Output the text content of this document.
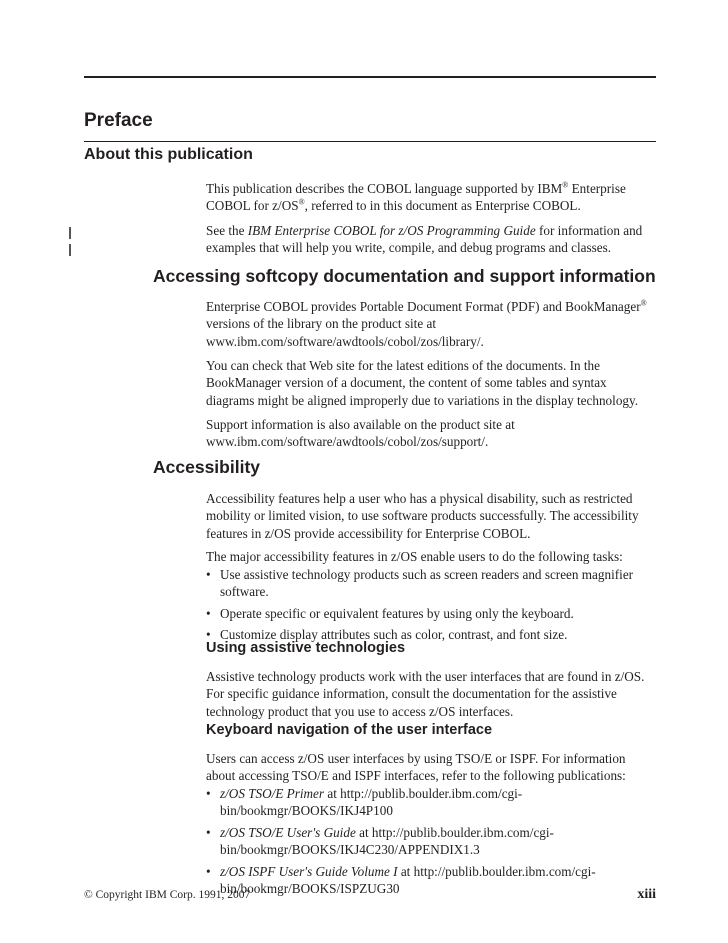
Preface
About this publication

This publication describes the COBOL language supported by IBM® Enterprise COBOL for z/OS®, referred to in this document as Enterprise COBOL.

See the IBM Enterprise COBOL for z/OS Programming Guide for information and examples that will help you write, compile, and debug programs and classes.

Accessing softcopy documentation and support information

Enterprise COBOL provides Portable Document Format (PDF) and BookManager® versions of the library on the product site at www.ibm.com/software/awdtools/cobol/zos/library/.

You can check that Web site for the latest editions of the documents. In the BookManager version of a document, the content of some tables and syntax diagrams might be aligned improperly due to variations in the display technology.

Support information is also available on the product site at www.ibm.com/software/awdtools/cobol/zos/support/.

Accessibility

Accessibility features help a user who has a physical disability, such as restricted mobility or limited vision, to use software products successfully. The accessibility features in z/OS provide accessibility for Enterprise COBOL.

The major accessibility features in z/OS enable users to do the following tasks:

• Use assistive technology products such as screen readers and screen magnifier software.
• Operate specific or equivalent features by using only the keyboard.
• Customize display attributes such as color, contrast, and font size.
Using assistive technologies

Assistive technology products work with the user interfaces that are found in z/OS. For specific guidance information, consult the documentation for the assistive technology product that you use to access z/OS interfaces.

Keyboard navigation of the user interface

Users can access z/OS user interfaces by using TSO/E or ISPF. For information about accessing TSO/E and ISPF interfaces, refer to the following publications:

• z/OS TSO/E Primer at http://publib.boulder.ibm.com/cgi-bin/bookmgr/BOOKS/IKJ4P100
• z/OS TSO/E User's Guide at http://publib.boulder.ibm.com/cgi-bin/bookmgr/BOOKS/IKJ4C230/APPENDIX1.3
• z/OS ISPF User's Guide Volume I at http://publib.boulder.ibm.com/cgi-bin/bookmgr/BOOKS/ISPZUG30
© Copyright IBM Corp. 1991, 2007	xiii
